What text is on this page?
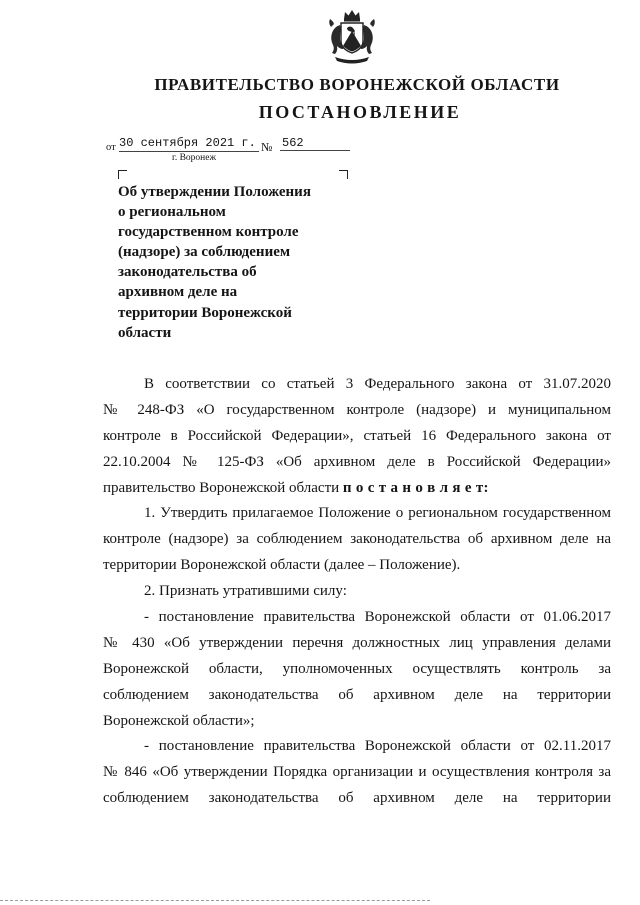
ПРАВИТЕЛЬСТВО ВОРОНЕЖСКОЙ ОБЛАСТИ
ПОСТАНОВЛЕНИЕ
от 30 сентября 2021 г. № 562
г. Воронеж
Об утверждении Положения
о региональном
государственном контроле
(надзоре) за соблюдением
законодательства об
архивном деле на
территории Воронежской
области
В соответствии со статьей 3 Федерального закона от 31.07.2020
№ 248-ФЗ «О государственном контроле (надзоре) и муниципальном
контроле в Российской Федерации», статьей 16 Федерального закона от
22.10.2004 № 125-ФЗ «Об архивном деле в Российской Федерации»
правительство Воронежской области п о с т а н о в л я е т:
1. Утвердить прилагаемое Положение о региональном государственном
контроле (надзоре) за соблюдением законодательства об архивном деле на
территории Воронежской области (далее – Положение).
2. Признать утратившими силу:
- постановление правительства Воронежской области от 01.06.2017
№ 430 «Об утверждении перечня должностных лиц управления делами
Воронежской области, уполномоченных осуществлять контроль за
соблюдением законодательства об архивном деле на территории
Воронежской области»;
- постановление правительства Воронежской области от 02.11.2017
№ 846 «Об утверждении Порядка организации и осуществления контроля за
соблюдением законодательства об архивном деле на территории
